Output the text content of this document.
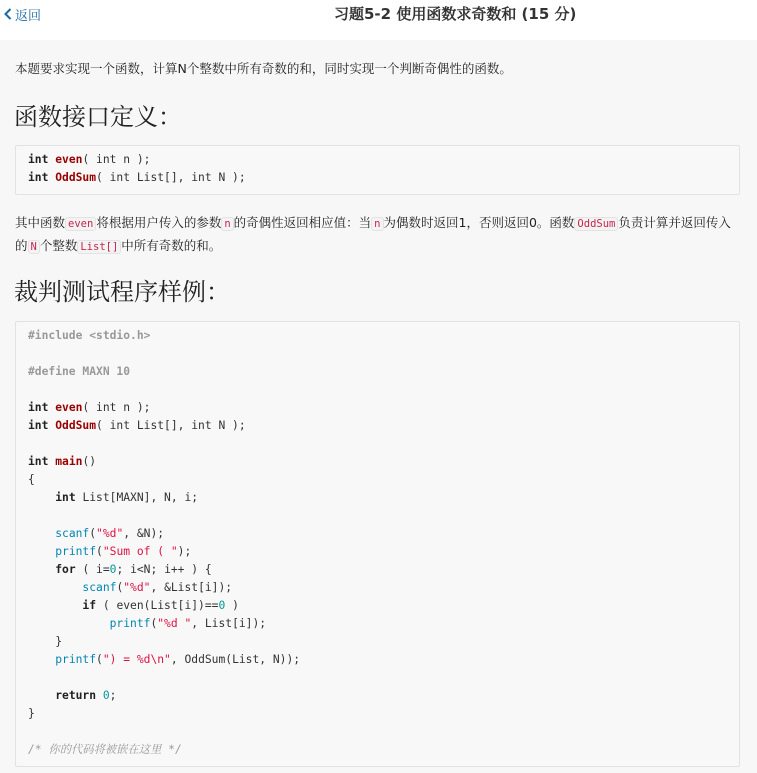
返回	习题5-2 使用函数求奇数和 (15 分)
本题要求实现一个函数，计算N个整数中所有奇数的和，同时实现一个判断奇偶性的函数。
函数接口定义：
int even( int n );
int OddSum( int List[], int N );
其中函数 even 将根据用户传入的参数 n 的奇偶性返回相应值：当 n 为偶数时返回1，否则返回0。函数 OddSum 负责计算并返回传入的 N 个整数 List[] 中所有奇数的和。
裁判测试程序样例：
#include <stdio.h>
#define MAXN 10
int even( int n );
int OddSum( int List[], int N );
int main()
{
int List[MAXN], N, i;
scanf("%d", &N);
printf("Sum of ( ");
for ( i=0; i<N; i++ ) {
scanf("%d", &List[i]);
if ( even(List[i])==0 )
printf("%d ", List[i]);
}
printf(") = %d\n", OddSum(List, N));
return 0;
}
/* 你的代码将被嵌在这里 */
